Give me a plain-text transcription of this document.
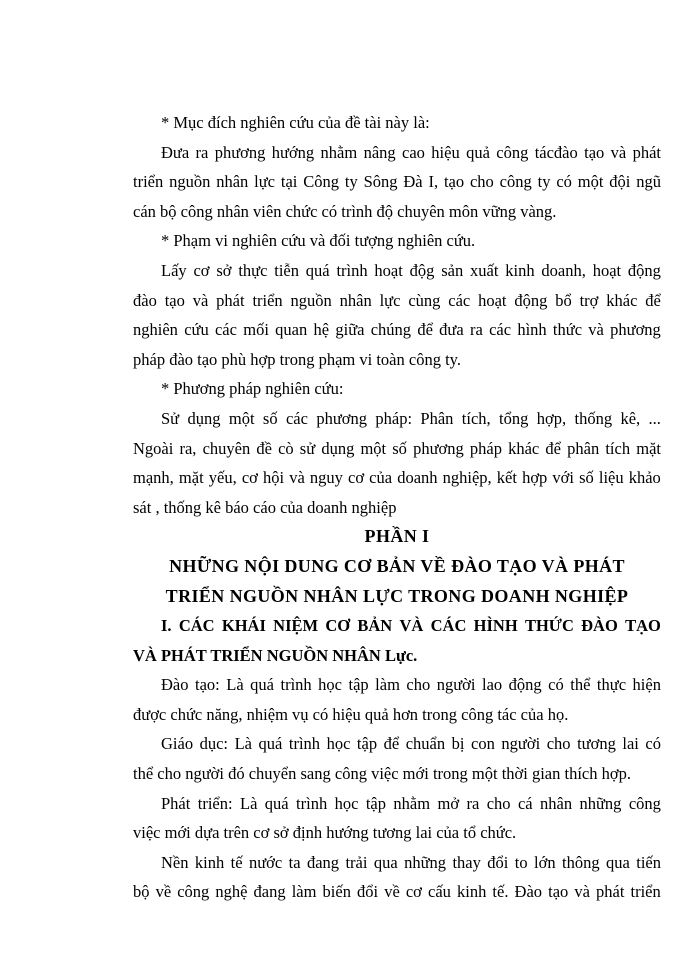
* Mục đích nghiên cứu của đề tài này là:
Đưa ra phương hướng nhằm nâng cao hiệu quả công tácđào tạo và phát
triển nguồn nhân lực tại Công ty Sông Đà I, tạo cho công ty có một đội ngũ
cán bộ công nhân viên chức có trình độ chuyên môn vững vàng.
* Phạm vi nghiên cứu và đối tượng nghiên cứu.
Lấy cơ sở thực tiễn quá trình hoạt độg sản xuất kinh doanh, hoạt động
đào tạo và phát triển nguồn nhân lực cùng các hoạt động bổ trợ khác để
nghiên cứu các mối quan hệ giữa chúng để đưa ra các hình thức và phương
pháp đào tạo phù hợp trong phạm vi toàn công ty.
* Phương pháp nghiên cứu:
Sử dụng một số các phương pháp: Phân tích, tổng hợp, thống kê, ...
Ngoài ra, chuyên đề cò sử dụng một số phương pháp khác để phân tích mặt
mạnh, mặt yếu, cơ hội và nguy cơ của doanh nghiệp, kết hợp với số liệu khảo
sát , thống kê báo cáo của doanh nghiệp
PHẦN I
NHỮNG NỘI DUNG CƠ BẢN VỀ ĐÀO TẠO VÀ PHÁT
TRIỂN NGUỒN NHÂN LỰC TRONG DOANH NGHIỆP
I. CÁC KHÁI NIỆM CƠ BẢN VÀ CÁC HÌNH THỨC ĐÀO TẠO
VÀ PHÁT TRIỂN NGUỒN NHÂN Lực.
Đào tạo: Là quá trình học tập làm cho người lao động có thể thực hiện
được chức năng, nhiệm vụ có hiệu quả hơn trong công tác của họ.
Giáo dục: Là quá trình học tập để chuẩn bị con người cho tương lai có
thể cho người đó chuyển sang công việc mới trong một thời gian thích hợp.
Phát triển: Là quá trình học tập nhằm mở ra cho cá nhân những công
việc mới dựa trên cơ sở định hướng tương lai của tổ chức.
Nền kinh tế nước ta đang trải qua những thay đổi to lớn thông qua tiến
bộ về công nghệ đang làm biến đổi về cơ cấu kinh tế. Đào tạo và phát triển
